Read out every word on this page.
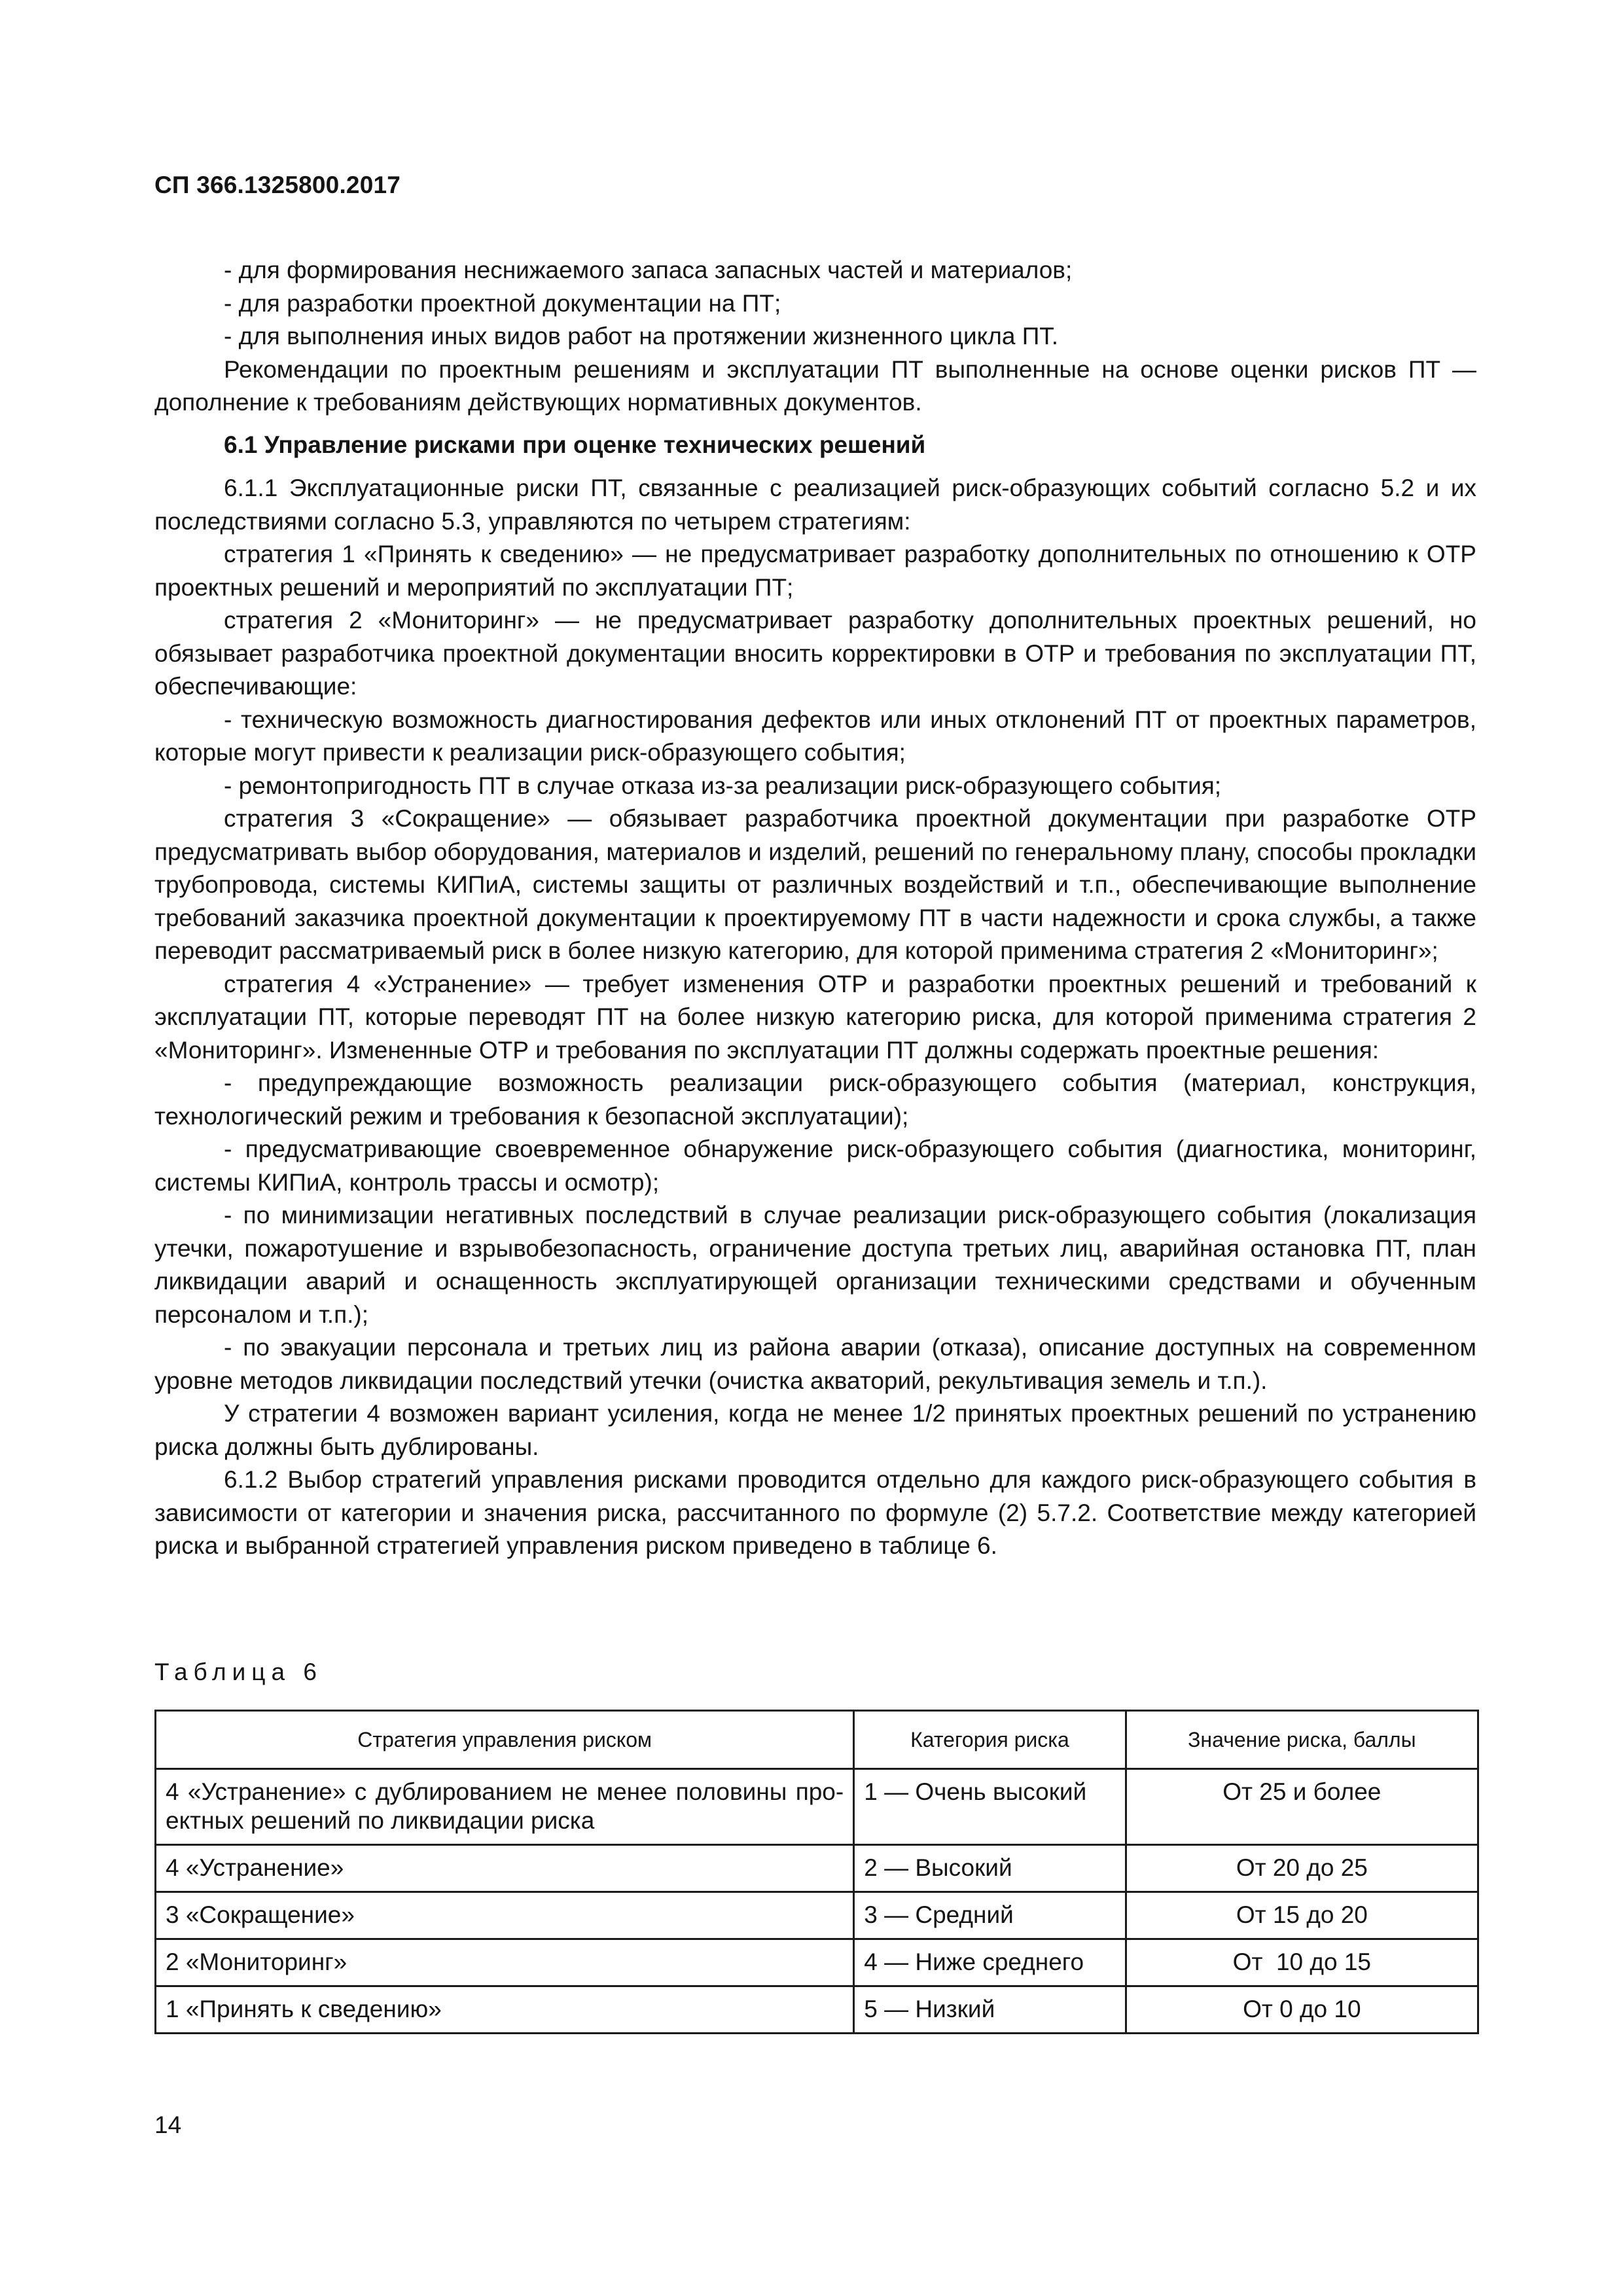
СП 366.1325800.2017

- для формирования неснижаемого запаса запасных частей и материалов;

- для разработки проектной документации на ПТ;

- для выполнения иных видов работ на протяжении жизненного цикла ПТ.

Рекомендации по проектным решениям и эксплуатации ПТ выполненные на основе оценки рисков ПТ — дополнение к требованиям действующих нормативных документов.

6.1 Управление рисками при оценке технических решений

6.1.1 Эксплуатационные риски ПТ, связанные с реализацией риск-образующих событий согласно 5.2 и их последствиями согласно 5.3, управляются по четырем стратегиям:

стратегия 1 «Принять к сведению» — не предусматривает разработку дополнительных по отношению к ОТР проектных решений и мероприятий по эксплуатации ПТ;

стратегия 2 «Мониторинг» — не предусматривает разработку дополнительных проектных решений, но обязывает разработчика проектной документации вносить корректировки в ОТР и требования по эксплуатации ПТ, обеспечивающие:

- техническую возможность диагностирования дефектов или иных отклонений ПТ от проектных параметров, которые могут привести к реализации риск-образующего события;

- ремонтопригодность ПТ в случае отказа из-за реализации риск-образующего события;

стратегия 3 «Сокращение» — обязывает разработчика проектной документации при разработке ОТР предусматривать выбор оборудования, материалов и изделий, решений по генеральному плану, способы прокладки трубопровода, системы КИПиА, системы защиты от различных воздействий и т.п., обеспечивающие выполнение требований заказчика проектной документации к проектируемому ПТ в части надежности и срока службы, а также переводит рассматриваемый риск в более низкую категорию, для которой применима стратегия 2 «Мониторинг»;

стратегия 4 «Устранение» — требует изменения ОТР и разработки проектных решений и требований к эксплуатации ПТ, которые переводят ПТ на более низкую категорию риска, для которой применима стратегия 2 «Мониторинг». Измененные ОТР и требования по эксплуатации ПТ должны содержать проектные решения:

- предупреждающие возможность реализации риск-образующего события (материал, конструкция, технологический режим и требования к безопасной эксплуатации);

- предусматривающие своевременное обнаружение риск-образующего события (диагностика, мониторинг, системы КИПиА, контроль трассы и осмотр);

- по минимизации негативных последствий в случае реализации риск-образующего события (локализация утечки, пожаротушение и взрывобезопасность, ограничение доступа третьих лиц, аварийная остановка ПТ, план ликвидации аварий и оснащенность эксплуатирующей организации техническими средствами и обученным персоналом и т.п.);

- по эвакуации персонала и третьих лиц из района аварии (отказа), описание доступных на современном уровне методов ликвидации последствий утечки (очистка акваторий, рекультивация земель и т.п.).

У стратегии 4 возможен вариант усиления, когда не менее 1/2 принятых проектных решений по устранению риска должны быть дублированы.

6.1.2 Выбор стратегий управления рисками проводится отдельно для каждого риск-образующего события в зависимости от категории и значения риска, рассчитанного по формуле (2) 5.7.2. Соответствие между категорией риска и выбранной стратегией управления риском приведено в таблице 6.

Таблица 6
Стратегия управления риском	Категория риска	Значение риска, баллы
4 «Устранение» с дублированием не менее половины проектных решений по ликвидации риска	1 — Очень высокий	От 25 и более
4 «Устранение»	2 — Высокий	От 20 до 25
3 «Сокращение»	3 — Средний	От 15 до 20
2 «Мониторинг»	4 — Ниже среднего	От  10 до 15
1 «Принять к сведению»	5 — Низкий	От 0 до 10
14
